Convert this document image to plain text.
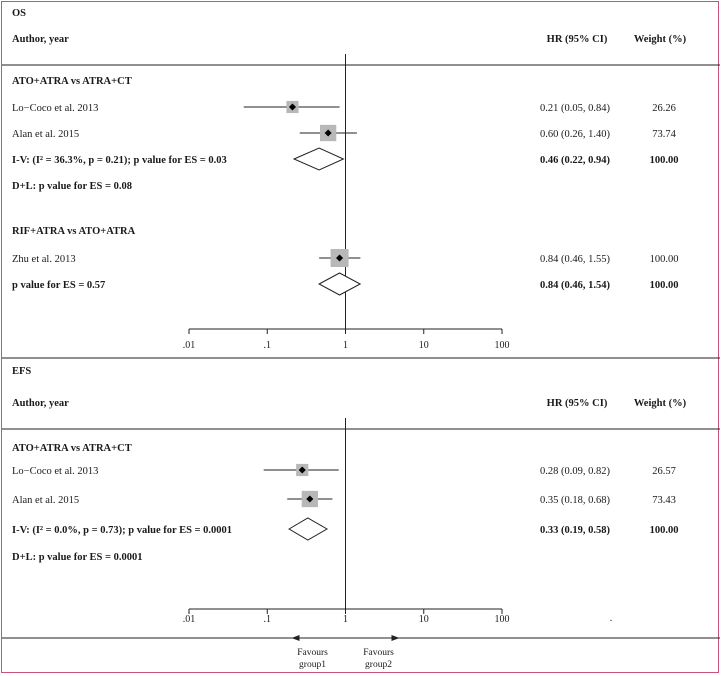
OS
Author, year	HR (95% CI)	Weight (%)
ATO+ATRA vs ATRA+CT
Lo−Coco et al. 2013	0.21 (0.05, 0.84)	26.26
Alan et al. 2015	0.60 (0.26, 1.40)	73.74
I-V: (I² = 36.3%, p = 0.21); p value for ES = 0.03	0.46 (0.22, 0.94)	100.00
D+L: p value for ES = 0.08
RIF+ATRA vs ATO+ATRA
Zhu et al. 2013	0.84 (0.46, 1.55)	100.00
p value for ES = 0.57	0.84 (0.46, 1.54)	100.00
.01	.1	1	10	100
EFS
Author, year	HR (95% CI)	Weight (%)
ATO+ATRA vs ATRA+CT
Lo−Coco et al. 2013	0.28 (0.09, 0.82)	26.57
Alan et al. 2015	0.35 (0.18, 0.68)	73.43
I-V: (I² = 0.0%, p = 0.73); p value for ES = 0.0001	0.33 (0.19, 0.58)	100.00
D+L: p value for ES = 0.0001
.01	.1	1	10	100	.
Favours
group1
Favours
group2
